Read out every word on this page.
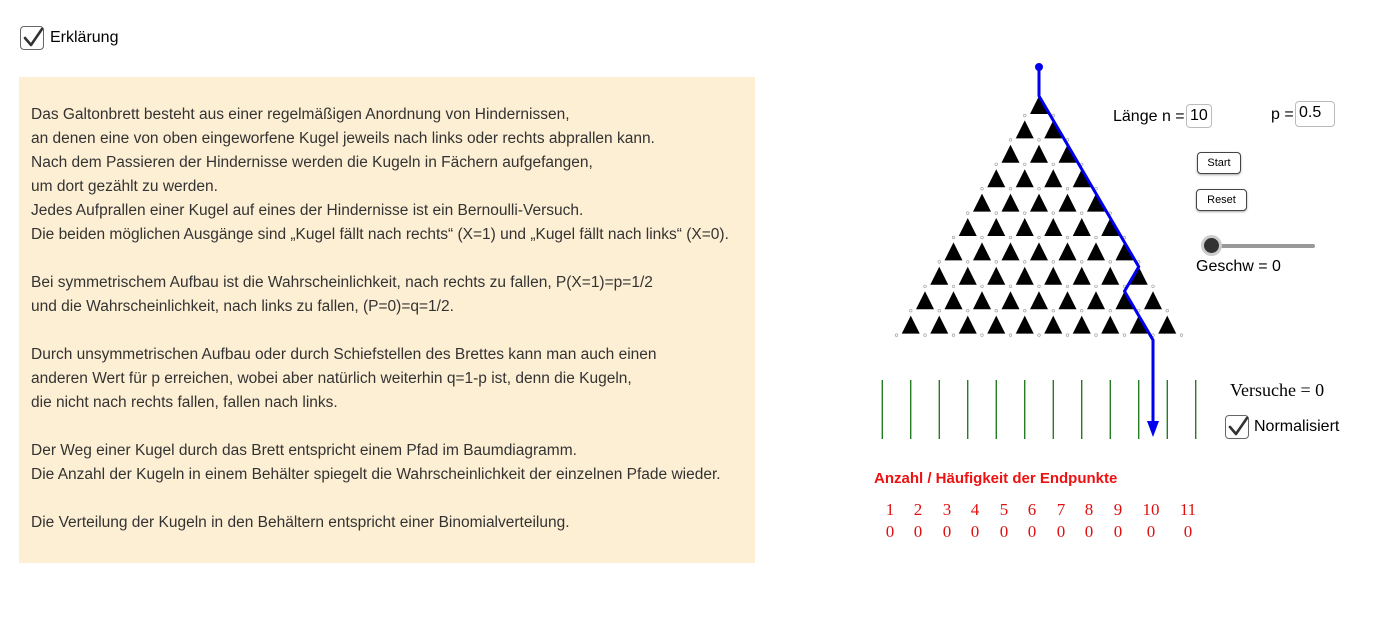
Erklärung

Das Galtonbrett besteht aus einer regelmäßigen Anordnung von Hindernissen,
an denen eine von oben eingeworfene Kugel jeweils nach links oder rechts abprallen kann.
Nach dem Passieren der Hindernisse werden die Kugeln in Fächern aufgefangen,
um dort gezählt zu werden.
Jedes Aufprallen einer Kugel auf eines der Hindernisse ist ein Bernoulli-Versuch.
Die beiden möglichen Ausgänge sind „Kugel fällt nach rechts“ (X=1) und „Kugel fällt nach links“ (X=0).

Bei symmetrischem Aufbau ist die Wahrscheinlichkeit, nach rechts zu fallen, P(X=1)=p=1/2
und die Wahrscheinlichkeit, nach links zu fallen, (P=0)=q=1/2.

Durch unsymmetrischen Aufbau oder durch Schiefstellen des Brettes kann man auch einen
anderen Wert für p erreichen, wobei aber natürlich weiterhin q=1-p ist, denn die Kugeln,
die nicht nach rechts fallen, fallen nach links.

Der Weg einer Kugel durch das Brett entspricht einem Pfad im Baumdiagramm.
Die Anzahl der Kugeln in einem Behälter spiegelt die Wahrscheinlichkeit der einzelnen Pfade wieder.

Die Verteilung der Kugeln in den Behältern entspricht einer Binomialverteilung.

Länge n = 10	p = 0.5
Start
Reset
Geschw = 0
Versuche = 0
Normalisiert
Anzahl / Häufigkeit der Endpunkte
1
0
2
0
3
0
4
0
5
0
6
0
7
0
8
0
9
0
10
0
11
0
